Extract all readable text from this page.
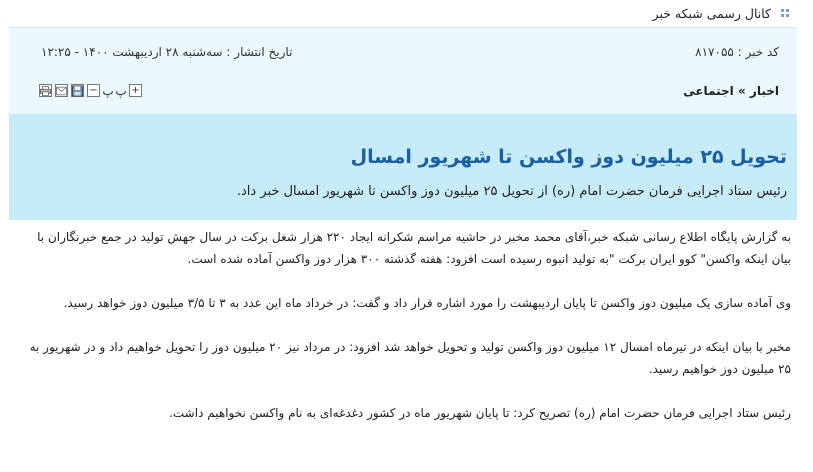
کانال رسمی شبکه خبر
کد خبر : ۸۱۷۰۵۵
تاریخ انتشار : سه‌شنبه ۲۸ اردیبهشت ۱۴۰۰ - ۱۲:۲۵
اخبار » اجتماعی
− پ پ +
تحویل ۲۵ میلیون دوز واکسن تا شهریور امسال

رئیس ستاد اجرایی فرمان حضرت امام (ره) از تحویل ۲۵ میلیون دوز واکسن تا شهریور امسال خبر داد.

به گزارش پایگاه اطلاع رسانی شبکه خبر،آقای محمد مخبر در حاشیه مراسم شکرانه ایجاد ۲۲۰ هزار شغل برکت در سال جهش تولید در جمع خبرنگاران با بیان اینکه واکسن" کوو ایران برکت "به تولید انبوه رسیده است افزود: هفته گذشته ۳۰۰ هزار دوز واکسن آماده شده است.

وی آماده سازی یک میلیون دوز واکسن تا پایان اردیبهشت را مورد اشاره قرار داد و گفت: در خرداد ماه این عدد به ۳ تا ۳/۵ میلیون دوز خواهد رسید.

مخبر با بیان اینکه در تیرماه امسال ۱۲ میلیون دوز واکسن تولید و تحویل خواهد شد افزود: در مرداد نیز ۲۰ میلیون دوز را تحویل خواهیم داد و در شهریور به ۲۵ میلیون دوز خواهیم رسید.

رئیس ستاد اجرایی فرمان حضرت امام (ره) تصریح کرد: تا پایان شهریور ماه در کشور دغدغه‌ای به نام واکسن نخواهیم داشت.
